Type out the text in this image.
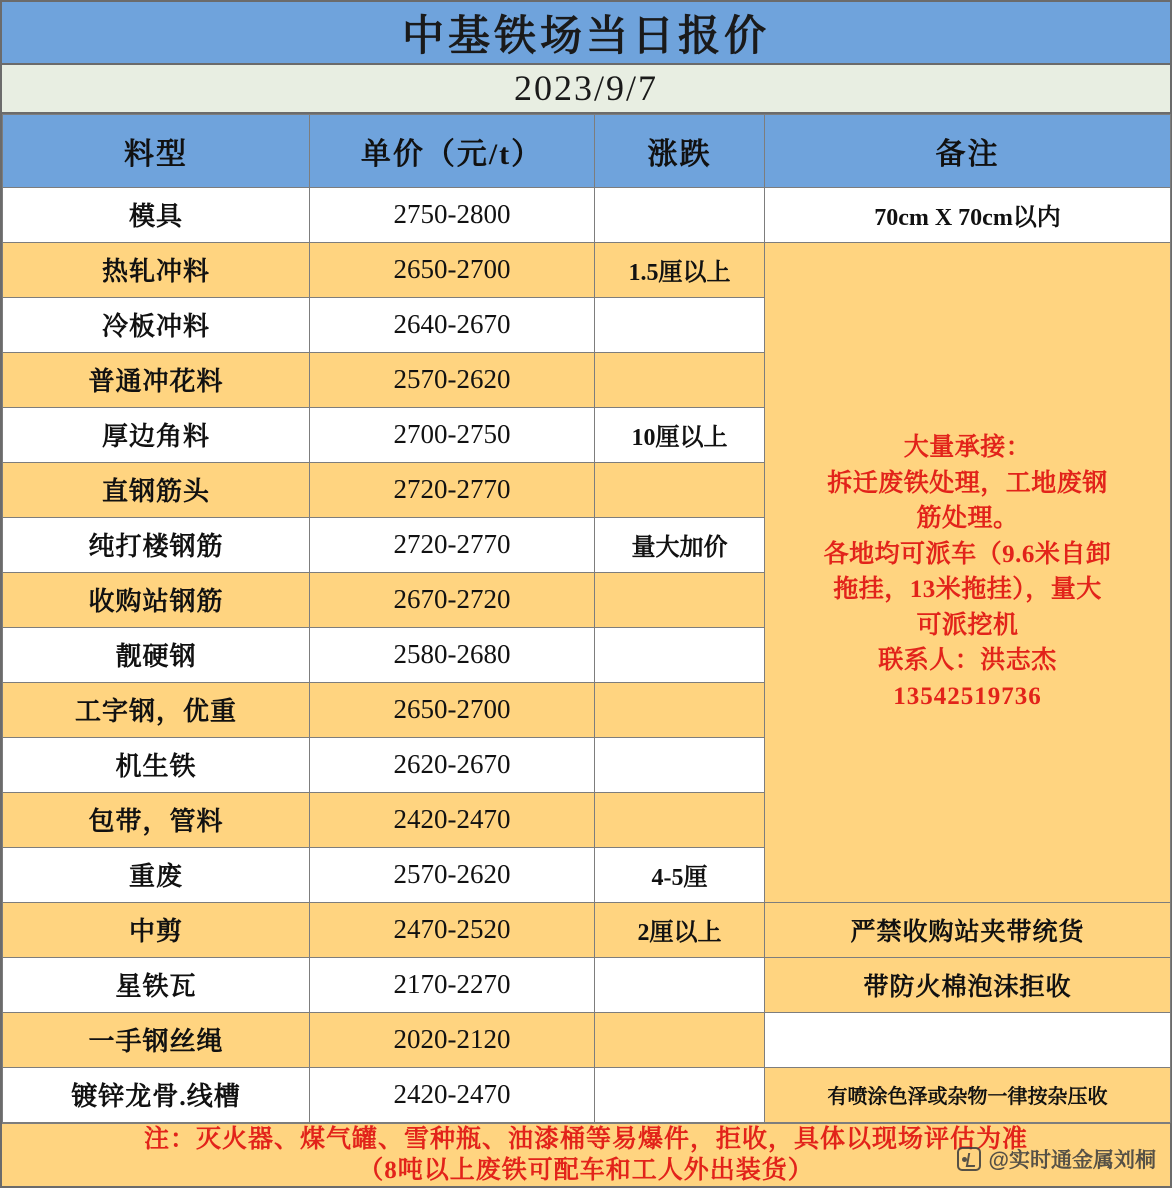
中基铁场当日报价
2023/9/7
料型	单价（元/t）	涨跌	备注
模具	2750-2800		70cm X 70cm以内
热轧冲料	2650-2700	1.5厘以上	
大量承接：
拆迁废铁处理，工地废钢
筋处理。
各地均可派车（9.6米自卸
拖挂，13米拖挂），量大
可派挖机
联系人：洪志杰
13542519736

冷板冲料	2640-2670		
普通冲花料	2570-2620		
厚边角料	2700-2750	10厘以上	
直钢筋头	2720-2770		
纯打楼钢筋	2720-2770	量大加价	
收购站钢筋	2670-2720		
靓硬钢	2580-2680		
工字钢，优重	2650-2700		
机生铁	2620-2670		
包带，管料	2420-2470		
重废	2570-2620	4-5厘	
中剪	2470-2520	2厘以上	严禁收购站夹带统货
星铁瓦	2170-2270		带防火棉泡沫拒收
一手钢丝绳	2020-2120		
镀锌龙骨.线槽	2420-2470		有喷涂色泽或杂物一律按杂压收
注：灭火器、煤气罐、雪种瓶、油漆桶等易爆件，拒收，具体以现场评估为准
（8吨以上废铁可配车和工人外出装货）	@实时通金属刘桐
